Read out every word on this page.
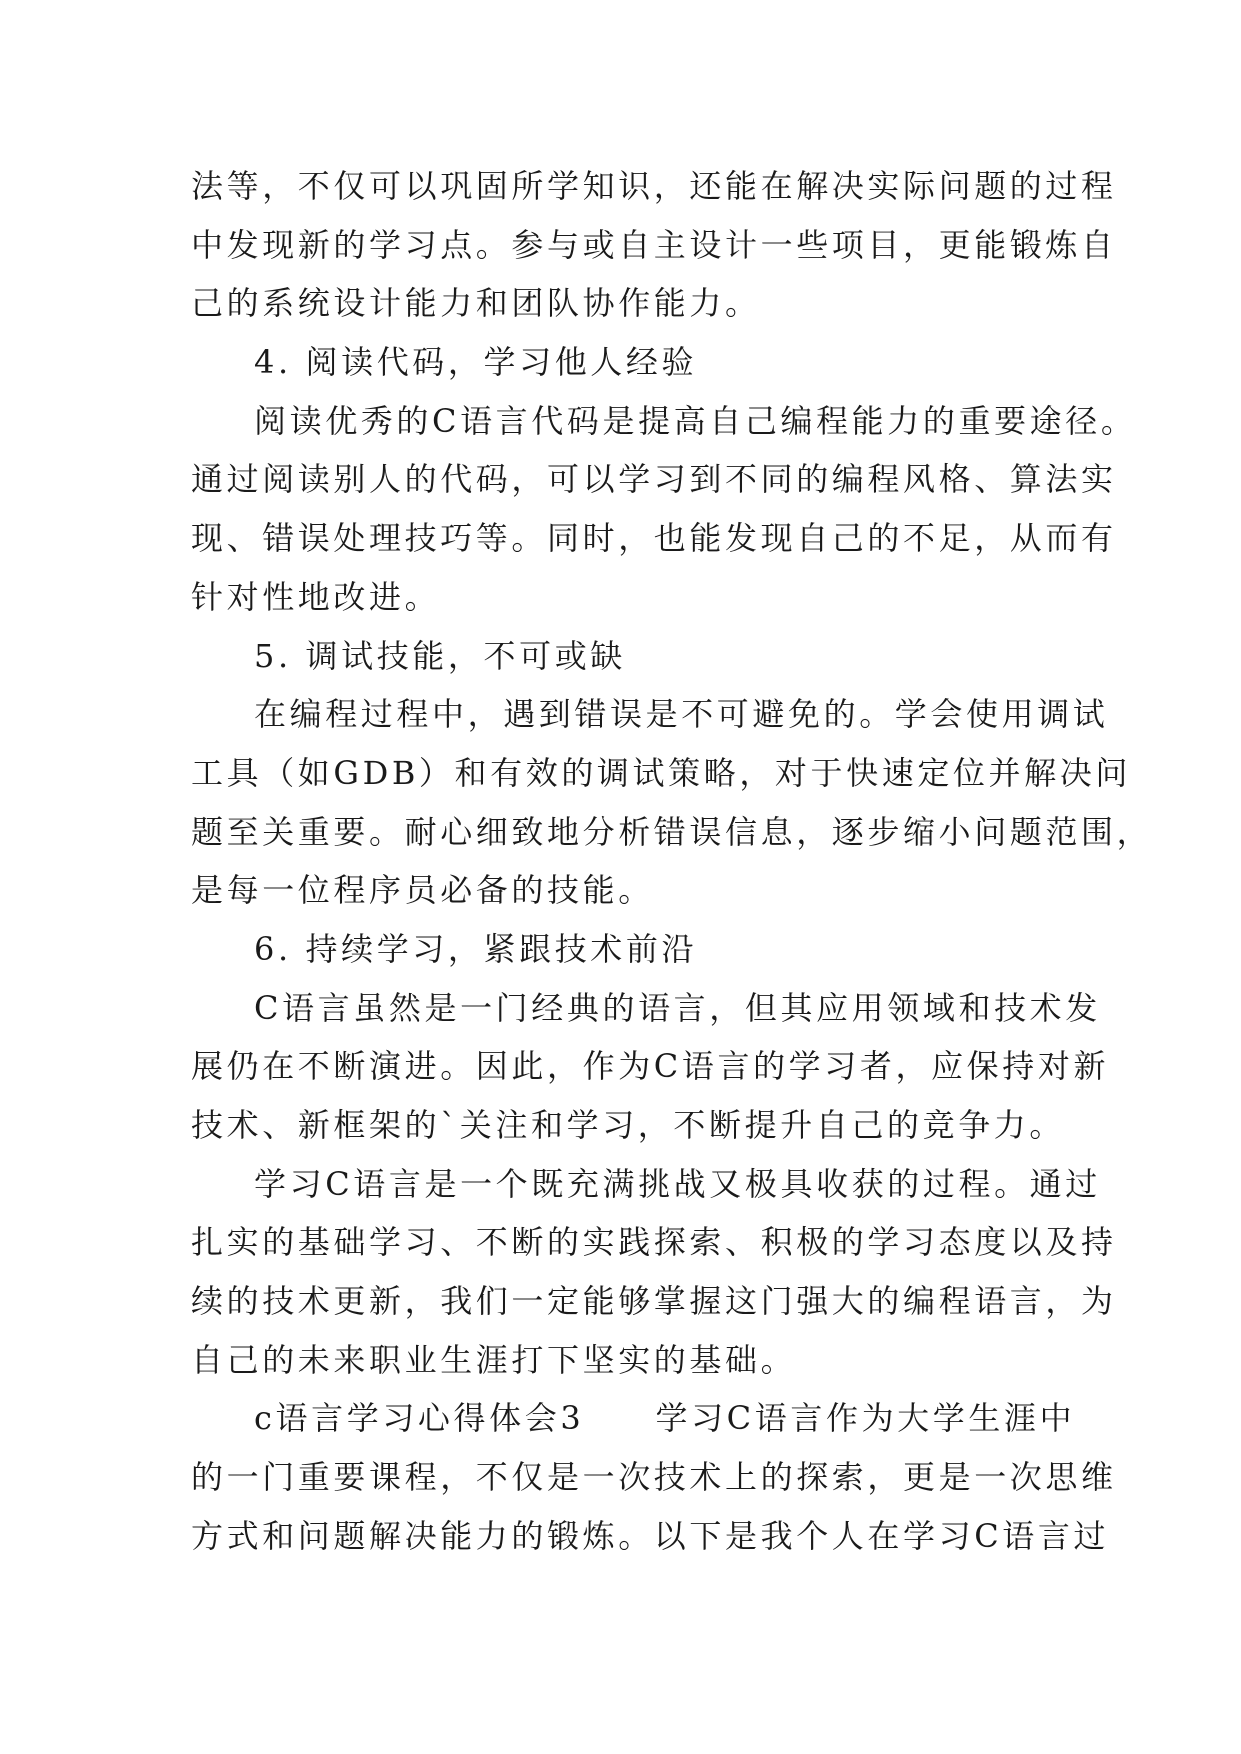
法等，不仅可以巩固所学知识，还能在解决实际问题的过程
中发现新的学习点。参与或自主设计一些项目，更能锻炼自
己的系统设计能力和团队协作能力。
4. 阅读代码，学习他人经验
阅读优秀的C语言代码是提高自己编程能力的重要途径。
通过阅读别人的代码，可以学习到不同的编程风格、算法实
现、错误处理技巧等。同时，也能发现自己的不足，从而有
针对性地改进。
5. 调试技能，不可或缺
在编程过程中，遇到错误是不可避免的。学会使用调试
工具（如GDB）和有效的调试策略，对于快速定位并解决问
题至关重要。耐心细致地分析错误信息，逐步缩小问题范围，
是每一位程序员必备的技能。
6. 持续学习，紧跟技术前沿
C语言虽然是一门经典的语言，但其应用领域和技术发
展仍在不断演进。因此，作为C语言的学习者，应保持对新
技术、新框架的`关注和学习，不断提升自己的竞争力。
学习C语言是一个既充满挑战又极具收获的过程。通过
扎实的基础学习、不断的实践探索、积极的学习态度以及持
续的技术更新，我们一定能够掌握这门强大的编程语言，为
自己的未来职业生涯打下坚实的基础。
c语言学习心得体会3　　学习C语言作为大学生涯中
的一门重要课程，不仅是一次技术上的探索，更是一次思维
方式和问题解决能力的锻炼。以下是我个人在学习C语言过
